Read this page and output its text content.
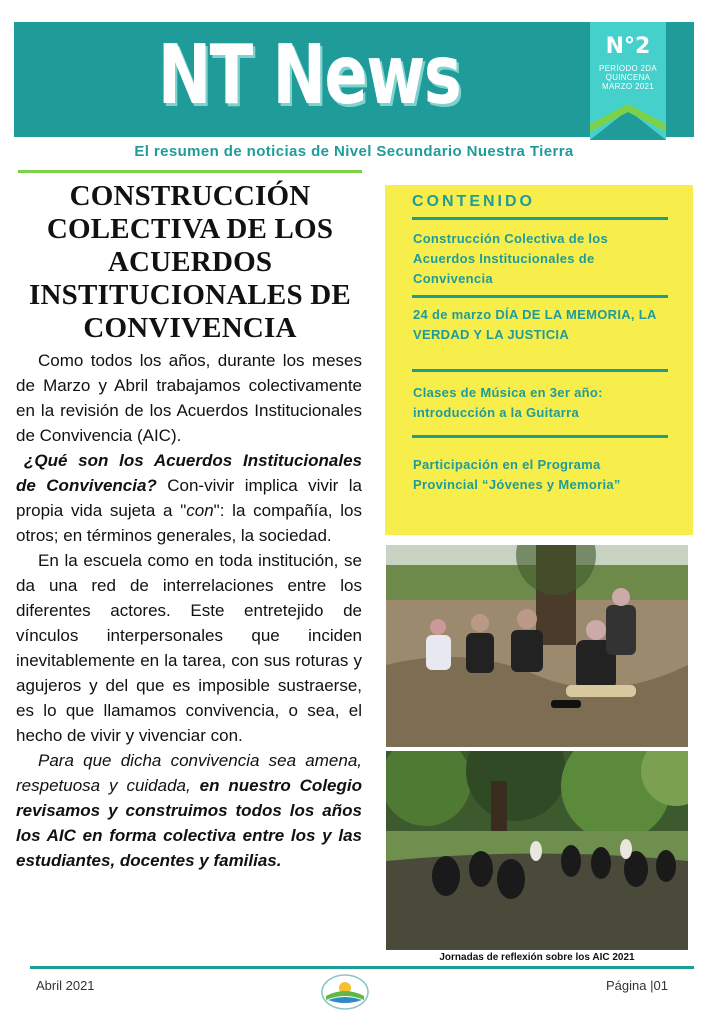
NT News	N°2
PERÍODO 2DA QUINCENA MARZO 2021
El resumen de noticias de Nivel Secundario Nuestra Tierra
CONSTRUCCIÓN COLECTIVA DE LOS ACUERDOS INSTITUCIONALES DE CONVIVENCIA

Como todos los años, durante los meses de Marzo y Abril trabajamos colectivamente en la revisión de los Acuerdos Institucionales de Convivencia (AIC).

¿Qué son los Acuerdos Institucionales de Convivencia? Con-vivir implica vivir la propia vida sujeta a "con": la compañía, los otros; en términos generales, la sociedad.

En la escuela como en toda institución, se da una red de interrelaciones entre los diferentes actores. Este entretejido de vínculos interpersonales que inciden inevitablemente en la tarea, con sus roturas y agujeros y del que es imposible sustraerse, es lo que llamamos convivencia, o sea, el hecho de vivir y vivenciar con.

Para que dicha convivencia sea amena, respetuosa y cuidada, en nuestro Colegio revisamos y construimos todos los años los AIC en forma colectiva entre los y las estudiantes, docentes y familias.

CONTENIDO
Construcción Colectiva de los Acuerdos Institucionales de Convivencia
24 de marzo DÍA DE LA MEMORIA, LA VERDAD Y LA JUSTICIA
Clases de Música en 3er año: introducción a la Guitarra
Participación en el Programa Provincial “Jóvenes y Memoria”
Jornadas de reflexión sobre los AIC 2021
Abril 2021	Página |01
